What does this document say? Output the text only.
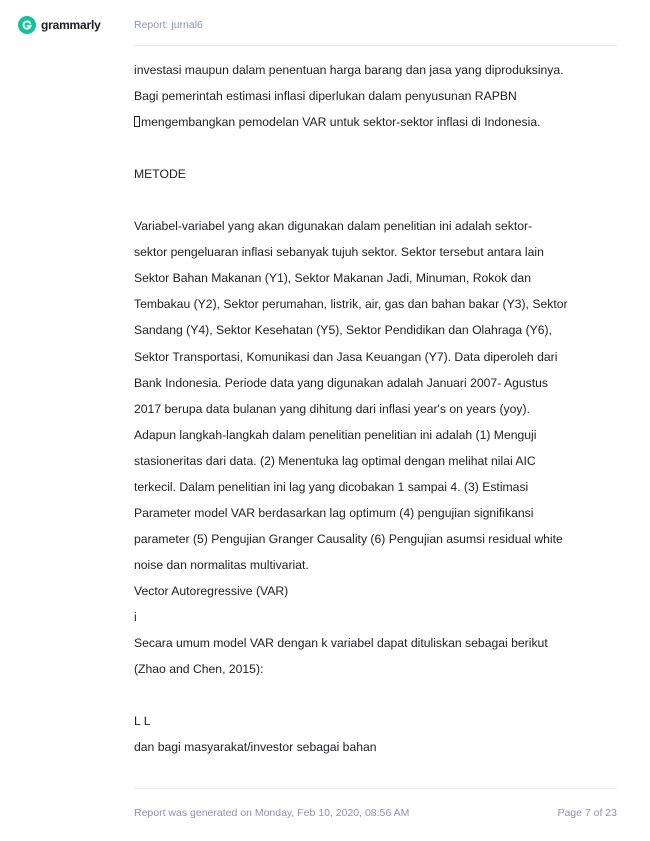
grammarly	Report: jurnal6
investasi maupun dalam penentuan harga barang dan jasa yang diproduksinya.
Bagi pemerintah estimasi inflasi diperlukan dalam penyusunan RAPBN
mengembangkan pemodelan VAR untuk sektor-sektor inflasi di Indonesia.
METODE
Variabel-variabel yang akan digunakan dalam penelitian ini adalah sektor-
sektor pengeluaran inflasi sebanyak tujuh sektor. Sektor tersebut antara lain
Sektor Bahan Makanan (Y1), Sektor Makanan Jadi, Minuman, Rokok dan
Tembakau (Y2), Sektor perumahan, listrik, air, gas dan bahan bakar (Y3), Sektor
Sandang (Y4), Sektor Kesehatan (Y5), Sektor Pendidikan dan Olahraga (Y6),
Sektor Transportasi, Komunikasi dan Jasa Keuangan (Y7). Data diperoleh dari
Bank Indonesia. Periode data yang digunakan adalah Januari 2007- Agustus
2017 berupa data bulanan yang dihitung dari inflasi year's on years (yoy).
Adapun langkah-langkah dalam penelitian penelitian ini adalah (1) Menguji
stasioneritas dari data. (2) Menentuka lag optimal dengan melihat nilai AIC
terkecil. Dalam penelitian ini lag yang dicobakan 1 sampai 4. (3) Estimasi
Parameter model VAR berdasarkan lag optimum (4) pengujian signifikansi
parameter (5) Pengujian Granger Causality (6) Pengujian asumsi residual white
noise dan normalitas multivariat.
Vector Autoregressive (VAR)
i
Secara umum model VAR dengan k variabel dapat dituliskan sebagai berikut
(Zhao and Chen, 2015):
L L
dan bagi masyarakat/investor sebagai bahan
Report was generated on Monday, Feb 10, 2020, 08:56 AM	Page 7 of 23
